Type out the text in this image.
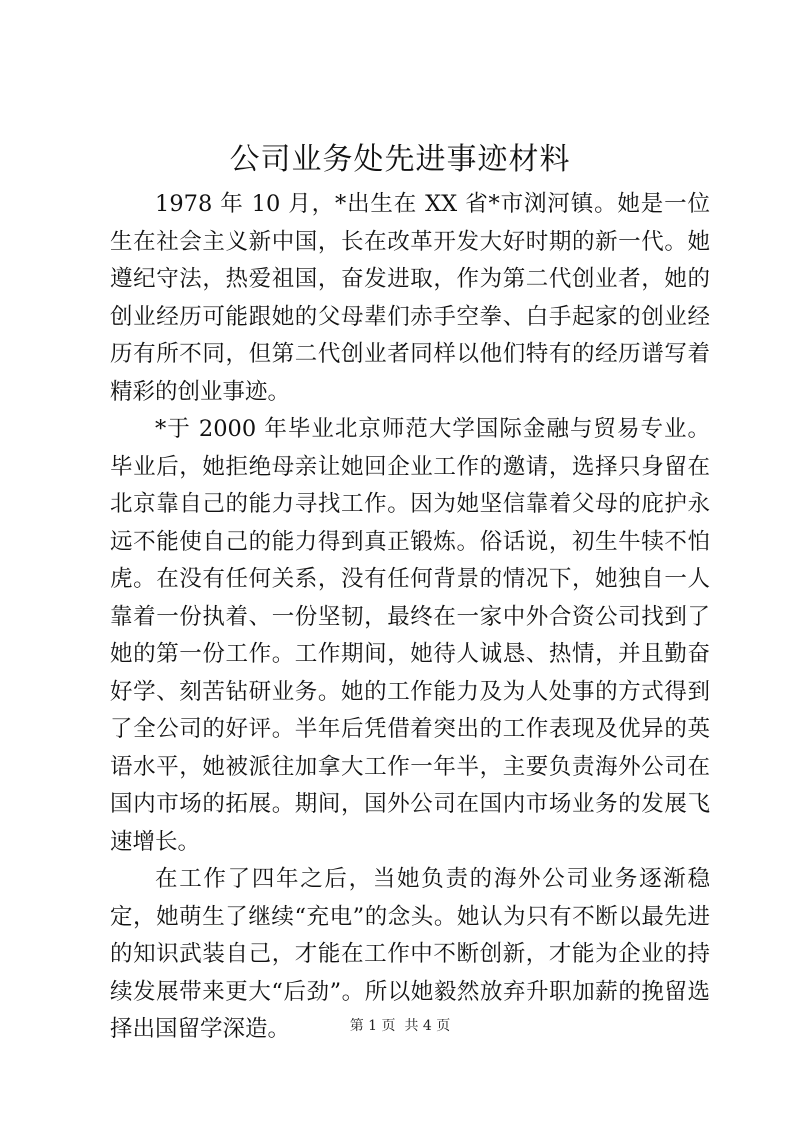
公司业务处先进事迹材料

1978 年 10 月，*出生在 XX 省*市浏河镇。她是一位生在社会主义新中国，长在改革开发大好时期的新一代。她遵纪守法，热爱祖国，奋发进取，作为第二代创业者，她的创业经历可能跟她的父母辈们赤手空拳、白手起家的创业经历有所不同，但第二代创业者同样以他们特有的经历谱写着精彩的创业事迹。

*于 2000 年毕业北京师范大学国际金融与贸易专业。毕业后，她拒绝母亲让她回企业工作的邀请，选择只身留在北京靠自己的能力寻找工作。因为她坚信靠着父母的庇护永远不能使自己的能力得到真正锻炼。俗话说，初生牛犊不怕虎。在没有任何关系，没有任何背景的情况下，她独自一人靠着一份执着、一份坚韧，最终在一家中外合资公司找到了她的第一份工作。工作期间，她待人诚恳、热情，并且勤奋好学、刻苦钻研业务。她的工作能力及为人处事的方式得到了全公司的好评。半年后凭借着突出的工作表现及优异的英语水平，她被派往加拿大工作一年半，主要负责海外公司在国内市场的拓展。期间，国外公司在国内市场业务的发展飞速增长。

在工作了四年之后，当她负责的海外公司业务逐渐稳定，她萌生了继续“充电”的念头。她认为只有不断以最先进的知识武装自己，才能在工作中不断创新，才能为企业的持续发展带来更大“后劲”。所以她毅然放弃升职加薪的挽留选择出国留学深造。	第 1 页  共 4 页
